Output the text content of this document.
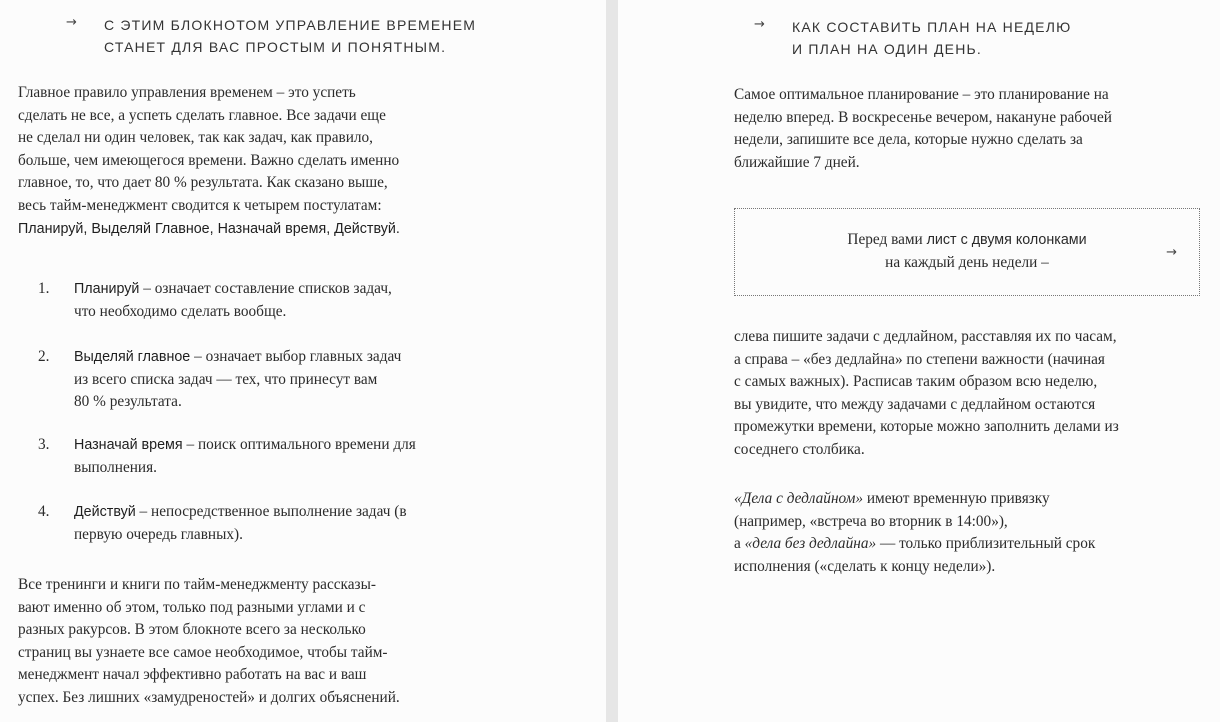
→	С ЭТИМ БЛОКНОТОМ УПРАВЛЕНИЕ ВРЕМЕНЕМ
СТАНЕТ ДЛЯ ВАС ПРОСТЫМ И ПОНЯТНЫМ.
Главное правило управления временем – это успеть
сделать не все, а успеть сделать главное. Все задачи еще
не сделал ни один человек, так как задач, как правило,
больше, чем имеющегося времени. Важно сделать именно
главное, то, что дает 80 % результата. Как сказано выше,
весь тайм-менеджмент сводится к четырем постулатам:
Планируй, Выделяй Главное, Назначай время, Действуй.
1.	Планируй – означает составление списков задач,
что необходимо сделать вообще.
2.	Выделяй главное – означает выбор главных задач
из всего списка задач — тех, что принесут вам
80 % результата.
3.	Назначай время – поиск оптимального времени для
выполнения.
4.	Действуй – непосредственное выполнение задач (в
первую очередь главных).
Все тренинги и книги по тайм-менеджменту рассказы-
вают именно об этом, только под разными углами и с
разных ракурсов. В этом блокноте всего за несколько
страниц вы узнаете все самое необходимое, чтобы тайм-
менеджмент начал эффективно работать на вас и ваш
успех. Без лишних «замудреностей» и долгих объяснений.
→	КАК СОСТАВИТЬ ПЛАН НА НЕДЕЛЮ
И ПЛАН НА ОДИН ДЕНЬ.
Самое оптимальное планирование – это планирование на
неделю вперед. В воскресенье вечером, накануне рабочей
недели, запишите все дела, которые нужно сделать за
ближайшие 7 дней.
Перед вами лист с двумя колонками
на каждый день недели –
→
слева пишите задачи с дедлайном, расставляя их по часам,
а справа – «без дедлайна» по степени важности (начиная
с самых важных). Расписав таким образом всю неделю,
вы увидите, что между задачами с дедлайном остаются
промежутки времени, которые можно заполнить делами из
соседнего столбика.
«Дела с дедлайном» имеют временную привязку
(например, «встреча во вторник в 14:00»),
а «дела без дедлайна» — только приблизительный срок
исполнения («сделать к концу недели»).
